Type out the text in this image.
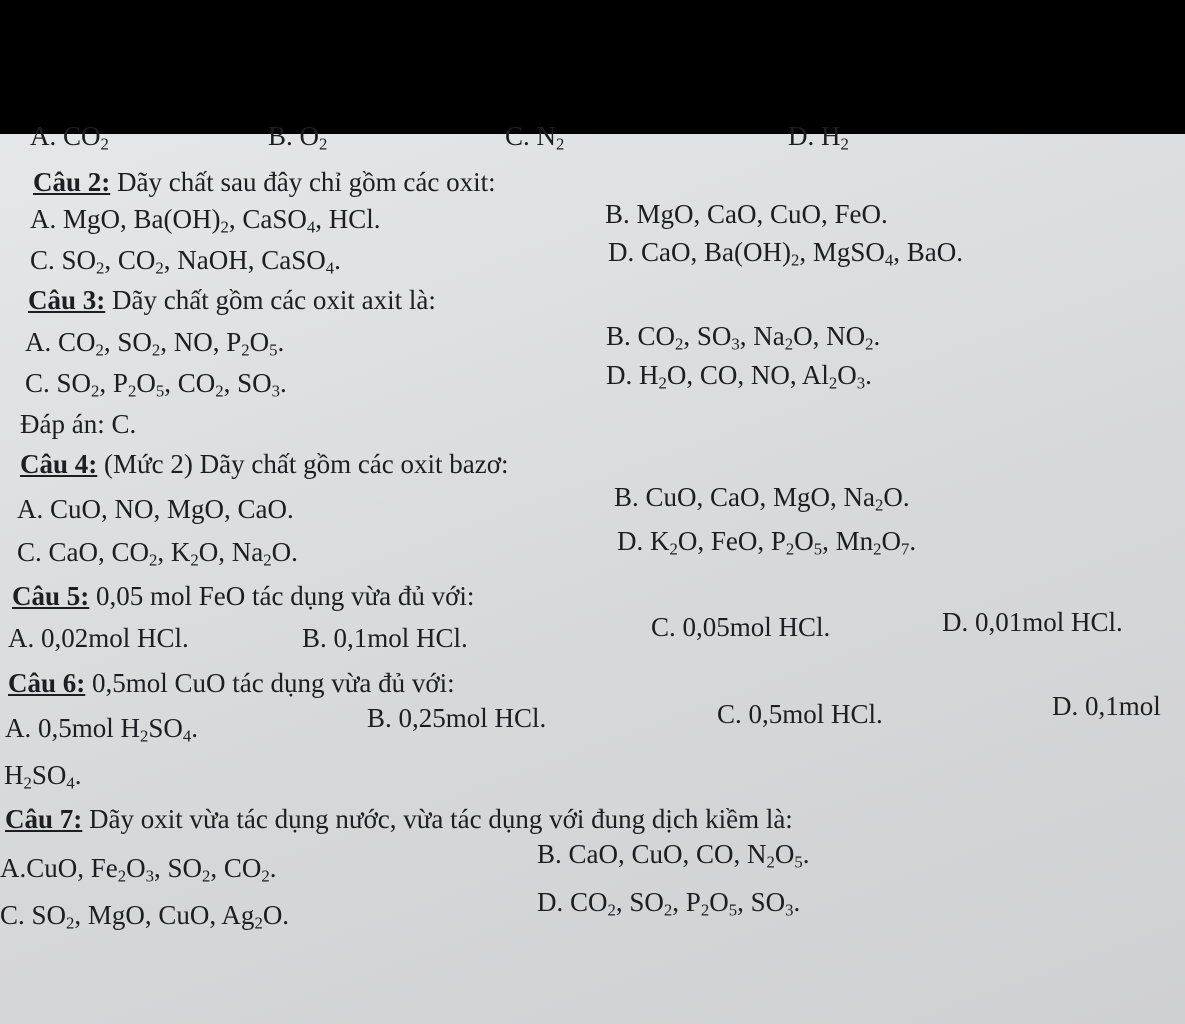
A. $CO_2$	B. $O_2$	C. $N_2$	D. $H_2$
Câu 2: Dãy chất sau đây chỉ gồm các oxit:
A. MgO, $Ba(OH)_2$, CaSO$_4$, HCl.	B. MgO, CaO, CuO, FeO.
C. $SO_2$, $CO_2$, NaOH, CaSO$_4$.	D. CaO, $Ba(OH)_2$, MgSO$_4$, BaO.
Câu 3: Dãy chất gồm các oxit axit là:
A. $CO_2$, $SO_2$, NO, $P_2O_5$.	B. $CO_2$, $SO_3$, $Na_2O$, $NO_2$.
C. $SO_2$, $P_2O_5$, $CO_2$, $SO_3$.	D. $H_2O$, CO, NO, $Al_2O_3$.
Đáp án: C.
Câu 4: (Mức 2) Dãy chất gồm các oxit bazơ:
A. CuO, NO, MgO, CaO.	B. CuO, CaO, MgO, $Na_2O$.
C. CaO, $CO_2$, $K_2O$, $Na_2O$.	D. $K_2O$, FeO, $P_2O_5$, $Mn_2O_7$.
Câu 5: 0,05 mol FeO tác dụng vừa đủ với:
A. 0,02mol HCl.	B. 0,1mol HCl.	C. 0,05mol HCl.	D. 0,01mol HCl.
Câu 6: 0,5mol CuO tác dụng vừa đủ với:
A. 0,5mol $H_2SO_4$.	B. 0,25mol HCl.	C. 0,5mol HCl.	D. 0,1mol
$H_2SO_4$.
Câu 7: Dãy oxit vừa tác dụng nước, vừa tác dụng với đung dịch kiềm là:
A.CuO, $Fe_2O_3$, $SO_2$, $CO_2$.	B. CaO, CuO, CO, $N_2O_5$.
C. $SO_2$, MgO, CuO, $Ag_2O$.	D. $CO_2$, $SO_2$, $P_2O_5$, $SO_3$.
